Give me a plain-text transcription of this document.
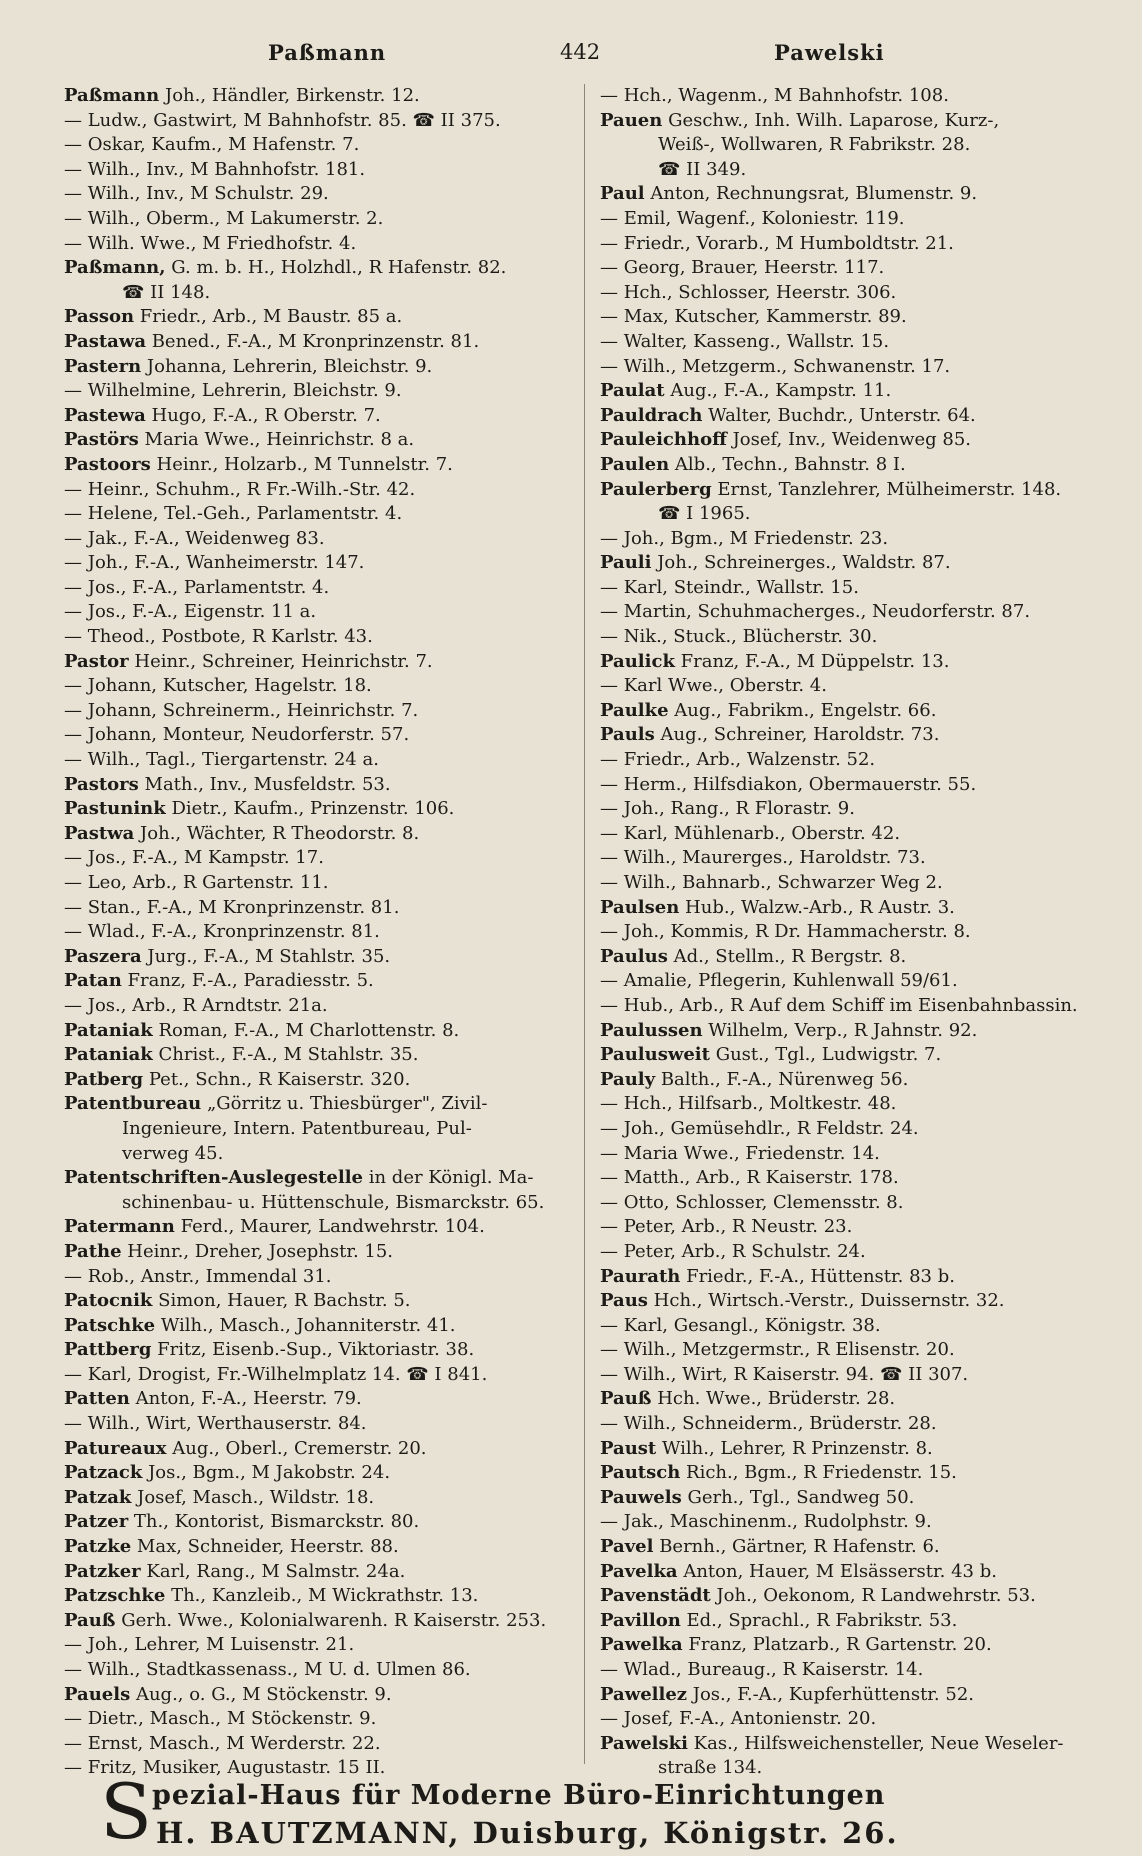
Paßmann	442	Pawelski
Paßmann Joh., Händler, Birkenstr. 12.
— Ludw., Gastwirt, M Bahnhofstr. 85. ☎ II 375.
— Oskar, Kaufm., M Hafenstr. 7.
— Wilh., Inv., M Bahnhofstr. 181.
— Wilh., Inv., M Schulstr. 29.
— Wilh., Oberm., M Lakumerstr. 2.
— Wilh. Wwe., M Friedhofstr. 4.
Paßmann, G. m. b. H., Holzhdl., R Hafenstr. 82.
☎ II 148.
Passon Friedr., Arb., M Baustr. 85 a.
Pastawa Bened., F.-A., M Kronprinzenstr. 81.
Pastern Johanna, Lehrerin, Bleichstr. 9.
— Wilhelmine, Lehrerin, Bleichstr. 9.
Pastewa Hugo, F.-A., R Oberstr. 7.
Pastörs Maria Wwe., Heinrichstr. 8 a.
Pastoors Heinr., Holzarb., M Tunnelstr. 7.
— Heinr., Schuhm., R Fr.-Wilh.-Str. 42.
— Helene, Tel.-Geh., Parlamentstr. 4.
— Jak., F.-A., Weidenweg 83.
— Joh., F.-A., Wanheimerstr. 147.
— Jos., F.-A., Parlamentstr. 4.
— Jos., F.-A., Eigenstr. 11 a.
— Theod., Postbote, R Karlstr. 43.
Pastor Heinr., Schreiner, Heinrichstr. 7.
— Johann, Kutscher, Hagelstr. 18.
— Johann, Schreinerm., Heinrichstr. 7.
— Johann, Monteur, Neudorferstr. 57.
— Wilh., Tagl., Tiergartenstr. 24 a.
Pastors Math., Inv., Musfeldstr. 53.
Pastunink Dietr., Kaufm., Prinzenstr. 106.
Pastwa Joh., Wächter, R Theodorstr. 8.
— Jos., F.-A., M Kampstr. 17.
— Leo, Arb., R Gartenstr. 11.
— Stan., F.-A., M Kronprinzenstr. 81.
— Wlad., F.-A., Kronprinzenstr. 81.
Paszera Jurg., F.-A., M Stahlstr. 35.
Patan Franz, F.-A., Paradiesstr. 5.
— Jos., Arb., R Arndtstr. 21a.
Pataniak Roman, F.-A., M Charlottenstr. 8.
Pataniak Christ., F.-A., M Stahlstr. 35.
Patberg Pet., Schn., R Kaiserstr. 320.
Patentbureau „Görritz u. Thiesbürger", Zivil-
Ingenieure, Intern. Patentbureau, Pul-
verweg 45.
Patentschriften-Auslegestelle in der Königl. Ma-
schinenbau- u. Hüttenschule, Bismarckstr. 65.
Patermann Ferd., Maurer, Landwehrstr. 104.
Pathe Heinr., Dreher, Josephstr. 15.
— Rob., Anstr., Immendal 31.
Patocnik Simon, Hauer, R Bachstr. 5.
Patschke Wilh., Masch., Johanniterstr. 41.
Pattberg Fritz, Eisenb.-Sup., Viktoriastr. 38.
— Karl, Drogist, Fr.-Wilhelmplatz 14. ☎ I 841.
Patten Anton, F.-A., Heerstr. 79.
— Wilh., Wirt, Werthauserstr. 84.
Patureaux Aug., Oberl., Cremerstr. 20.
Patzack Jos., Bgm., M Jakobstr. 24.
Patzak Josef, Masch., Wildstr. 18.
Patzer Th., Kontorist, Bismarckstr. 80.
Patzke Max, Schneider, Heerstr. 88.
Patzker Karl, Rang., M Salmstr. 24a.
Patzschke Th., Kanzleib., M Wickrathstr. 13.
Pauß Gerh. Wwe., Kolonialwarenh. R Kaiserstr. 253.
— Joh., Lehrer, M Luisenstr. 21.
— Wilh., Stadtkassenass., M U. d. Ulmen 86.
Pauels Aug., o. G., M Stöckenstr. 9.
— Dietr., Masch., M Stöckenstr. 9.
— Ernst, Masch., M Werderstr. 22.
— Fritz, Musiker, Augustastr. 15 II.
— Hch., Wagenm., M Bahnhofstr. 108.
Pauen Geschw., Inh. Wilh. Laparose, Kurz-,
Weiß-, Wollwaren, R Fabrikstr. 28.
☎ II 349.
Paul Anton, Rechnungsrat, Blumenstr. 9.
— Emil, Wagenf., Koloniestr. 119.
— Friedr., Vorarb., M Humboldtstr. 21.
— Georg, Brauer, Heerstr. 117.
— Hch., Schlosser, Heerstr. 306.
— Max, Kutscher, Kammerstr. 89.
— Walter, Kasseng., Wallstr. 15.
— Wilh., Metzgerm., Schwanenstr. 17.
Paulat Aug., F.-A., Kampstr. 11.
Pauldrach Walter, Buchdr., Unterstr. 64.
Pauleichhoff Josef, Inv., Weidenweg 85.
Paulen Alb., Techn., Bahnstr. 8 I.
Paulerberg Ernst, Tanzlehrer, Mülheimerstr. 148.
☎ I 1965.
— Joh., Bgm., M Friedenstr. 23.
Pauli Joh., Schreinerges., Waldstr. 87.
— Karl, Steindr., Wallstr. 15.
— Martin, Schuhmacherges., Neudorferstr. 87.
— Nik., Stuck., Blücherstr. 30.
Paulick Franz, F.-A., M Düppelstr. 13.
— Karl Wwe., Oberstr. 4.
Paulke Aug., Fabrikm., Engelstr. 66.
Pauls Aug., Schreiner, Haroldstr. 73.
— Friedr., Arb., Walzenstr. 52.
— Herm., Hilfsdiakon, Obermauerstr. 55.
— Joh., Rang., R Florastr. 9.
— Karl, Mühlenarb., Oberstr. 42.
— Wilh., Maurerges., Haroldstr. 73.
— Wilh., Bahnarb., Schwarzer Weg 2.
Paulsen Hub., Walzw.-Arb., R Austr. 3.
— Joh., Kommis, R Dr. Hammacherstr. 8.
Paulus Ad., Stellm., R Bergstr. 8.
— Amalie, Pflegerin, Kuhlenwall 59/61.
— Hub., Arb., R Auf dem Schiff im Eisenbahnbassin.
Paulussen Wilhelm, Verp., R Jahnstr. 92.
Paulusweit Gust., Tgl., Ludwigstr. 7.
Pauly Balth., F.-A., Nürenweg 56.
— Hch., Hilfsarb., Moltkestr. 48.
— Joh., Gemüsehdlr., R Feldstr. 24.
— Maria Wwe., Friedenstr. 14.
— Matth., Arb., R Kaiserstr. 178.
— Otto, Schlosser, Clemensstr. 8.
— Peter, Arb., R Neustr. 23.
— Peter, Arb., R Schulstr. 24.
Paurath Friedr., F.-A., Hüttenstr. 83 b.
Paus Hch., Wirtsch.-Verstr., Duissernstr. 32.
— Karl, Gesangl., Königstr. 38.
— Wilh., Metzgermstr., R Elisenstr. 20.
— Wilh., Wirt, R Kaiserstr. 94. ☎ II 307.
Pauß Hch. Wwe., Brüderstr. 28.
— Wilh., Schneiderm., Brüderstr. 28.
Paust Wilh., Lehrer, R Prinzenstr. 8.
Pautsch Rich., Bgm., R Friedenstr. 15.
Pauwels Gerh., Tgl., Sandweg 50.
— Jak., Maschinenm., Rudolphstr. 9.
Pavel Bernh., Gärtner, R Hafenstr. 6.
Pavelka Anton, Hauer, M Elsässerstr. 43 b.
Pavenstädt Joh., Oekonom, R Landwehrstr. 53.
Pavillon Ed., Sprachl., R Fabrikstr. 53.
Pawelka Franz, Platzarb., R Gartenstr. 20.
— Wlad., Bureaug., R Kaiserstr. 14.
Pawellez Jos., F.-A., Kupferhüttenstr. 52.
— Josef, F.-A., Antonienstr. 20.
Pawelski Kas., Hilfsweichensteller, Neue Weseler-
straße 134.
S pezial-Haus für Moderne Büro-Einrichtungen
H. BAUTZMANN, Duisburg, Königstr. 26.
